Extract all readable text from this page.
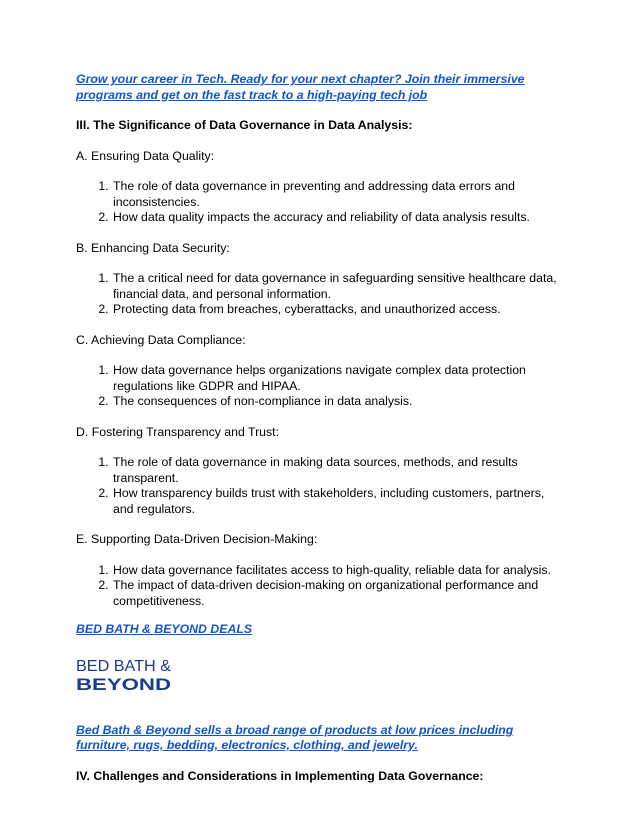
Grow your career in Tech. Ready for your next chapter? Join their immersive programs and get on the fast track to a high-paying tech job
III. The Significance of Data Governance in Data Analysis:
A. Ensuring Data Quality:
1. The role of data governance in preventing and addressing data errors and inconsistencies.
2. How data quality impacts the accuracy and reliability of data analysis results.
B. Enhancing Data Security:
1. The a critical need for data governance in safeguarding sensitive healthcare data, financial data, and personal information.
2. Protecting data from breaches, cyberattacks, and unauthorized access.
C. Achieving Data Compliance:
1. How data governance helps organizations navigate complex data protection regulations like GDPR and HIPAA.
2. The consequences of non-compliance in data analysis.
D. Fostering Transparency and Trust:
1. The role of data governance in making data sources, methods, and results transparent.
2. How transparency builds trust with stakeholders, including customers, partners, and regulators.
E. Supporting Data-Driven Decision-Making:
1. How data governance facilitates access to high-quality, reliable data for analysis.
2. The impact of data-driven decision-making on organizational performance and competitiveness.
BED BATH & BEYOND DEALS
BED BATH &
BEYOND
Bed Bath & Beyond sells a broad range of products at low prices including furniture, rugs, bedding, electronics, clothing, and jewelry.
IV. Challenges and Considerations in Implementing Data Governance:
